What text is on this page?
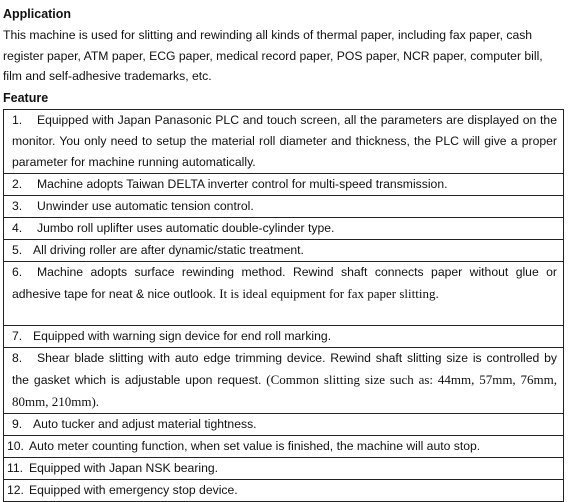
Application

This machine is used for slitting and rewinding all kinds of thermal paper, including fax paper, cash register paper, ATM paper, ECG paper, medical record paper, POS paper, NCR paper, computer bill, film and self-adhesive trademarks, etc.

Feature

1. Equipped with Japan Panasonic PLC and touch screen, all the parameters are displayed on the monitor. You only need to setup the material roll diameter and thickness, the PLC will give a proper parameter for machine running automatically.
2. Machine adopts Taiwan DELTA inverter control for multi-speed transmission.
3. Unwinder use automatic tension control.
4. Jumbo roll uplifter uses automatic double-cylinder type.
5. All driving roller are after dynamic/static treatment.
6. Machine adopts surface rewinding method. Rewind shaft connects paper without glue or adhesive tape for neat & nice outlook. It is ideal equipment for fax paper slitting.
7. Equipped with warning sign device for end roll marking.
8. Shear blade slitting with auto edge trimming device. Rewind shaft slitting size is controlled by the gasket which is adjustable upon request. (Common slitting size such as: 44mm, 57mm, 76mm, 80mm, 210mm).
9. Auto tucker and adjust material tightness.
10. Auto meter counting function, when set value is finished, the machine will auto stop.
11. Equipped with Japan NSK bearing.
12. Equipped with emergency stop device.
